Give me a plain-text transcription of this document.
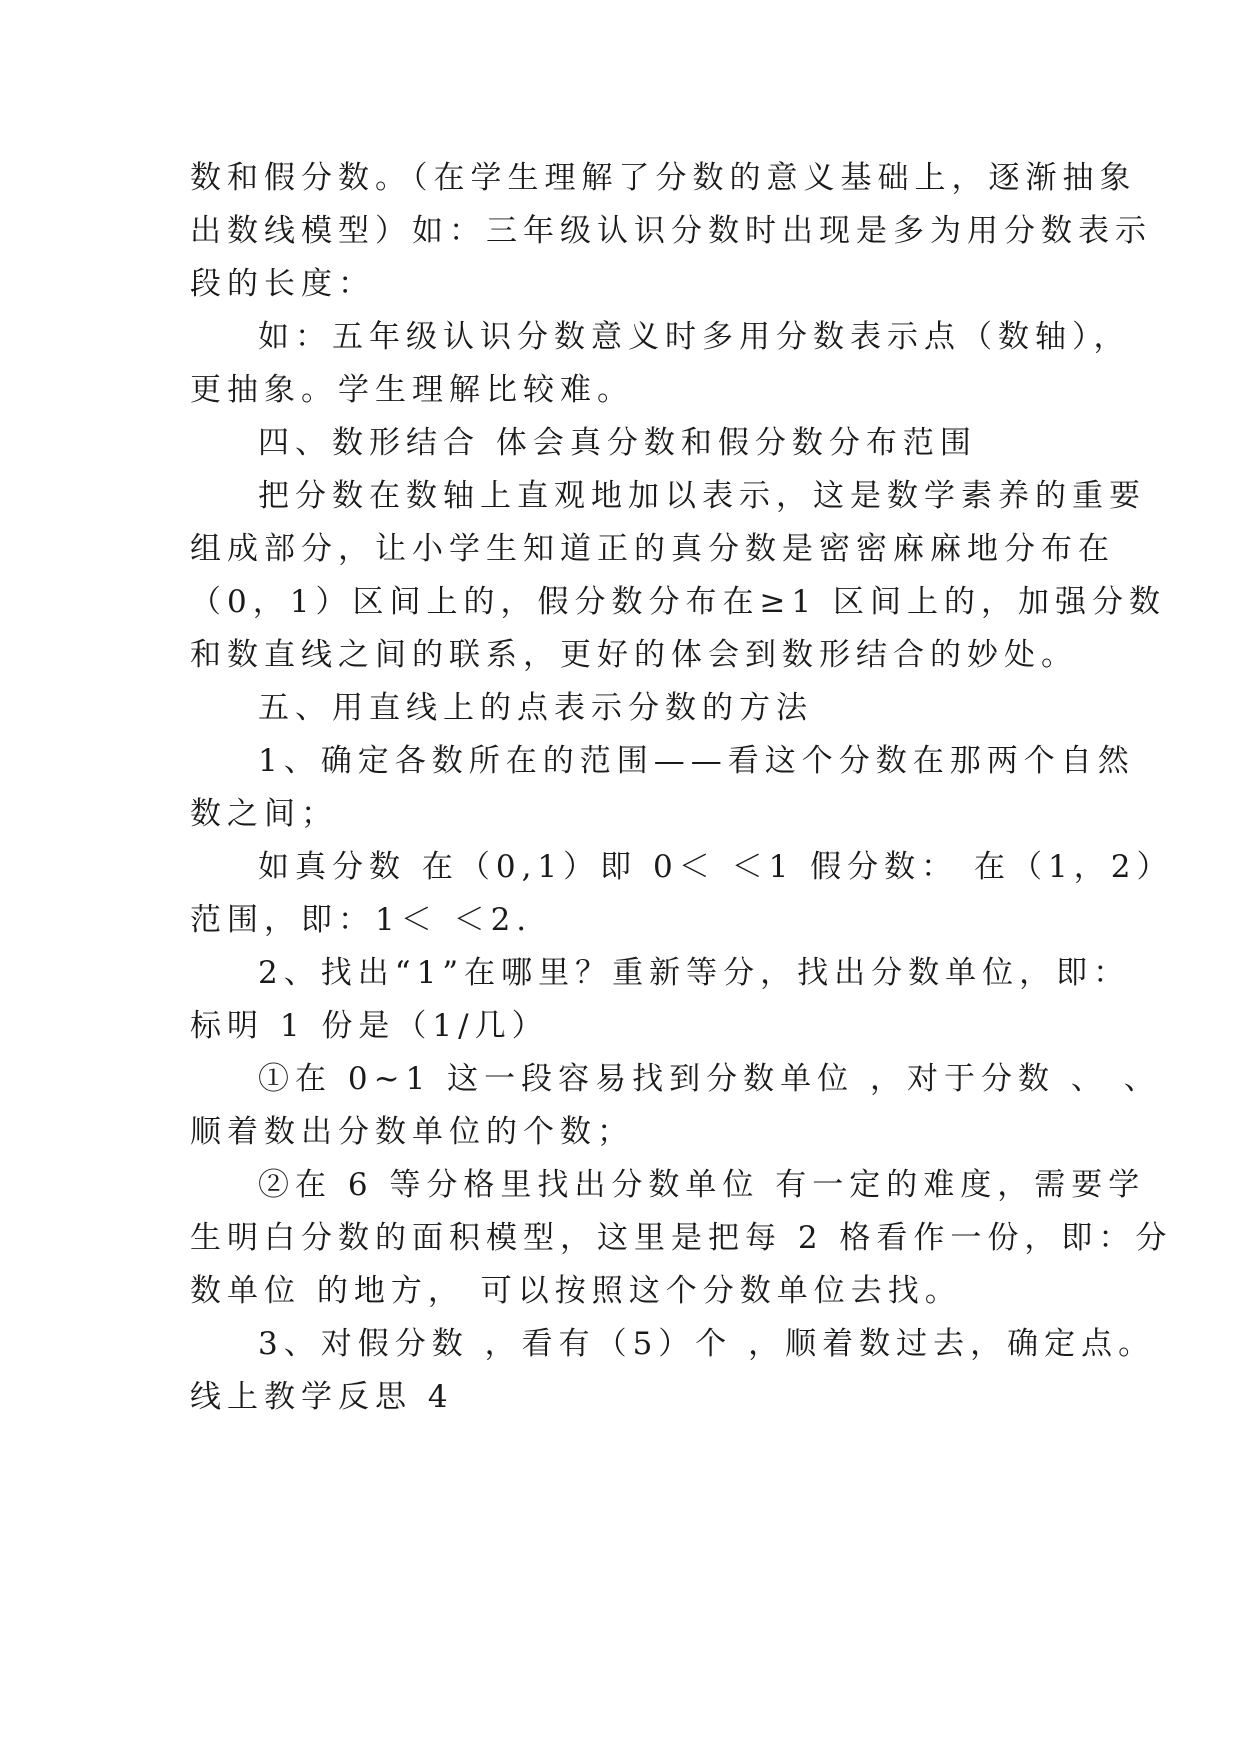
数和假分数。（在学生理解了分数的意义基础上，逐渐抽象
出数线模型）如：三年级认识分数时出现是多为用分数表示
段的长度：
如：五年级认识分数意义时多用分数表示点（数轴），
更抽象。学生理解比较难。
四、数形结合 体会真分数和假分数分布范围
把分数在数轴上直观地加以表示，这是数学素养的重要
组成部分，让小学生知道正的真分数是密密麻麻地分布在
（0，1）区间上的，假分数分布在≥1 区间上的，加强分数
和数直线之间的联系，更好的体会到数形结合的妙处。
五、用直线上的点表示分数的方法
1、确定各数所在的范围——看这个分数在那两个自然
数之间；
如真分数 在（0,1）即 0＜ ＜1 假分数： 在（1，2）
范围，即：1＜ ＜2.
2、找出“1”在哪里？重新等分，找出分数单位，即：
标明 1 份是（1/几）
①在 0~1 这一段容易找到分数单位 ，对于分数 、 、
顺着数出分数单位的个数；
②在 6 等分格里找出分数单位 有一定的难度，需要学
生明白分数的面积模型，这里是把每 2 格看作一份，即：分
数单位 的地方， 可以按照这个分数单位去找。
3、对假分数 ，看有（5）个 ，顺着数过去，确定点。
线上教学反思 4
